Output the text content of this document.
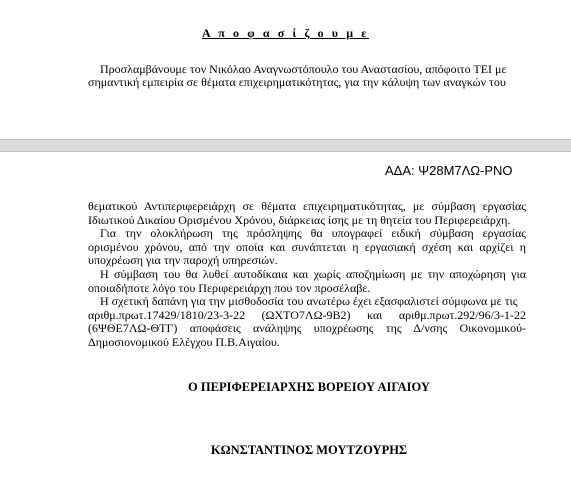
Α π ο φ α σ ί ζ ο υ μ ε
Προσλαμβάνουμε τον Νικόλαο Αναγνωστόπουλο του Αναστασίου, απόφοιτο ΤΕΙ με
σημαντική εμπειρία σε θέματα επιχειρηματικότητας, για την κάλυψη των αναγκών του
ΑΔΑ: Ψ28Μ7ΛΩ-ΡΝΟ

θεματικού Αντιπεριφερειάρχη σε θέματα επιχειρηματικότητας, με σύμβαση εργασίας Ιδιωτικού Δικαίου Ορισμένου Χρόνου, διάρκειας ίσης με τη θητεία του Περιφερειάρχη.

Για την ολοκλήρωση της πρόσληψης θα υπογραφεί ειδική σύμβαση εργασίας ορισμένου χρόνου, από την οποία και συνάπτεται η εργασιακή σχέση και αρχίζει η υποχρέωση για την παροχή υπηρεσιών.

Η σύμβαση του θα λυθεί αυτοδίκαια και χωρίς αποζημίωση με την αποχώρηση για οποιαδήποτε λόγο του Περιφερειάρχη που τον προσέλαβε.

Η σχετική δαπάνη για την μισθοδοσία του ανωτέρω έχει εξασφαλιστεί σύμφωνα με τις

αριθμ.πρωτ.17429/1810/23-3-22 (ΩΧΤΟ7ΛΩ-9Β2) και αριθμ.πρωτ.292/96/3-1-22

(6ΨΘΕ7ΛΩ-ΘΤΓ) αποφάσεις ανάληψης υποχρέωσης της Δ/νσης Οικονομικού-Δημοσιονομικού Ελέγχου Π.Β.Αιγαίου.

Ο ΠΕΡΙΦΕΡΕΙΑΡΧΗΣ ΒΟΡΕΙΟΥ ΑΙΓΑΙΟΥ
ΚΩΝΣΤΑΝΤΙΝΟΣ ΜΟΥΤΖΟΥΡΗΣ
